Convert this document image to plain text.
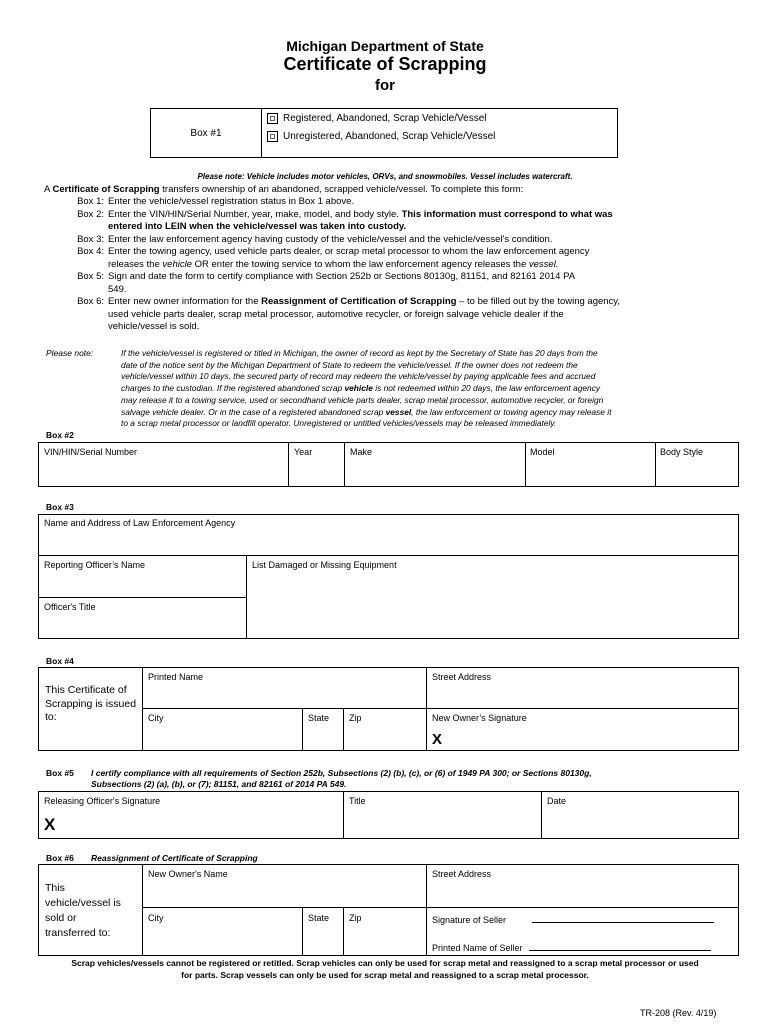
Michigan Department of State
Certificate of Scrapping
for
Box #1
Registered, Abandoned, Scrap Vehicle/Vessel
Unregistered, Abandoned, Scrap Vehicle/Vessel
Please note: Vehicle includes motor vehicles, ORVs, and snowmobiles. Vessel includes watercraft.
A Certificate of Scrapping transfers ownership of an abandoned, scrapped vehicle/vessel. To complete this form:
Box 1: Enter the vehicle/vessel registration status in Box 1 above.
Box 2: Enter the VIN/HIN/Serial Number, year, make, model, and body style. This information must correspond to what was
entered into LEIN when the vehicle/vessel was taken into custody.
Box 3: Enter the law enforcement agency having custody of the vehicle/vessel and the vehicle/vessel’s condition.
Box 4: Enter the towing agency, used vehicle parts dealer, or scrap metal processor to whom the law enforcement agency
releases the vehicle OR enter the towing service to whom the law enforcement agency releases the vessel.
Box 5: Sign and date the form to certify compliance with Section 252b or Sections 80130g, 81151, and 82161 2014 PA
549.
Box 6: Enter new owner information for the Reassignment of Certification of Scrapping – to be filled out by the towing agency,
used vehicle parts dealer, scrap metal processor, automotive recycler, or foreign salvage vehicle dealer if the
vehicle/vessel is sold.
Please note:	If the vehicle/vessel is registered or titled in Michigan, the owner of record as kept by the Secretary of State has 20 days from the
date of the notice sent by the Michigan Department of State to redeem the vehicle/vessel. If the owner does not redeem the
vehicle/vessel within 10 days, the secured party of record may redeem the vehicle/vessel by paying applicable fees and accrued
charges to the custodian. If the registered abandoned scrap vehicle is not redeemed within 20 days, the law enforcement agency
may release it to a towing service, used or secondhand vehicle parts dealer, scrap metal processor, automotive recycler, or foreign
salvage vehicle dealer. Or in the case of a registered abandoned scrap vessel, the law enforcement or towing agency may release it
to a scrap metal processor or landfill operator. Unregistered or untitled vehicles/vessels may be released immediately.
Box #2
VIN/HIN/Serial Number	Year	Make	Model	Body Style
Box #3
Name and Address of Law Enforcement Agency
Reporting Officer’s Name	List Damaged or Missing Equipment
Officer's Title
Box #4
This Certificate of Scrapping is issued to:
Printed Name	Street Address
City	State Zip	New Owner’s Signature
X
Box #5 I certify compliance with all requirements of Section 252b, Subsections (2) (b), (c), or (6) of 1949 PA 300; or Sections 80130g,
Subsections (2) (a), (b), or (7); 81151, and 82161 of 2014 PA 549.
Releasing Officer's Signature	Title	Date
X
Box #6 Reassignment of Certificate of Scrapping
This vehicle/vessel is sold or transferred to:
New Owner's Name	Street Address
City	State Zip	Signature of Seller
Printed Name of Seller
Scrap vehicles/vessels cannot be registered or retitled. Scrap vehicles can only be used for scrap metal and reassigned to a scrap metal processor or used
for parts. Scrap vessels can only be used for scrap metal and reassigned to a scrap metal processor.
TR-208 (Rev. 4/19)
